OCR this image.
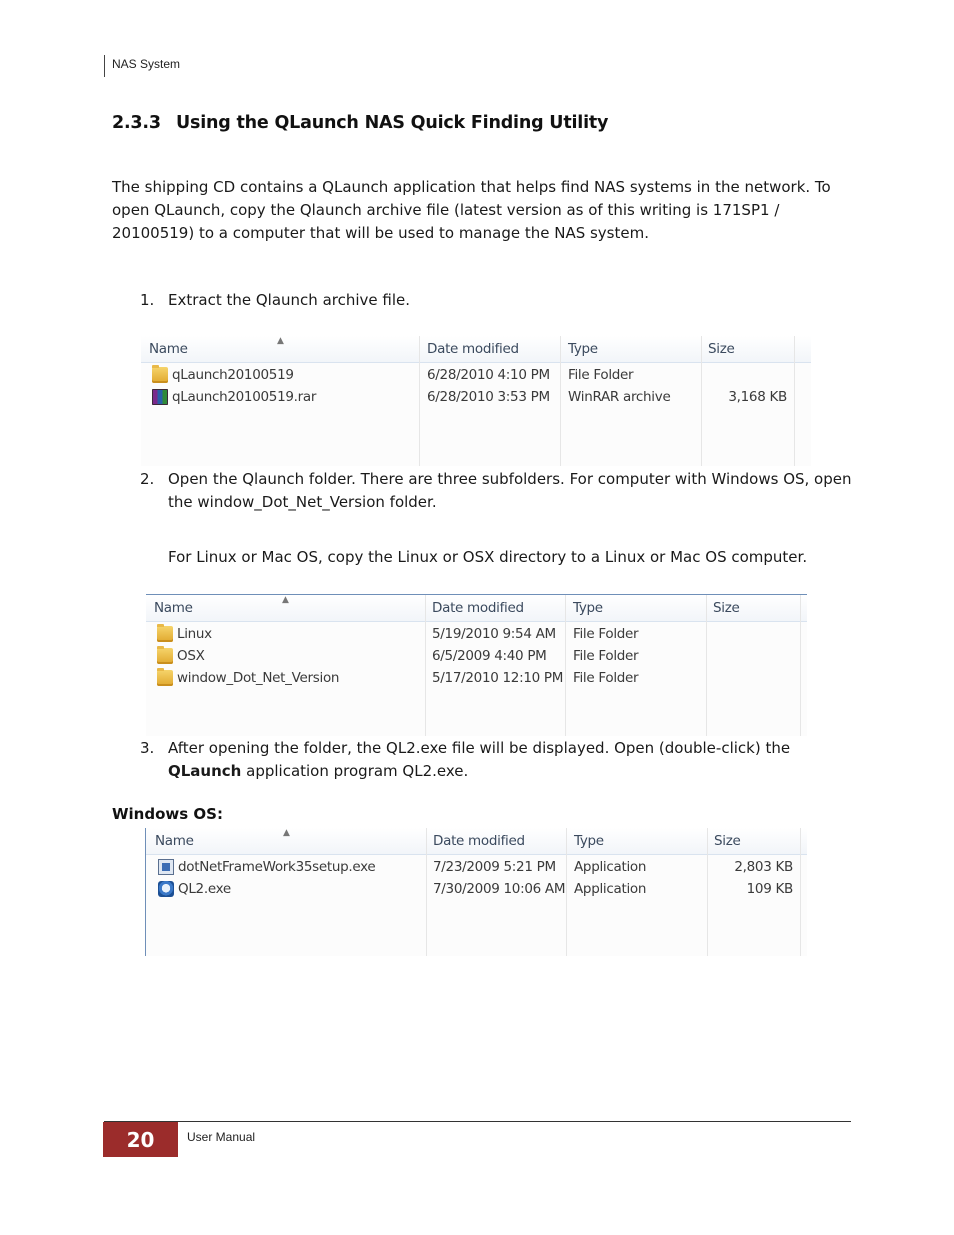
NAS System
2.3.3 Using the QLaunch NAS Quick Finding Utility
The shipping CD contains a QLaunch application that helps find NAS systems in the network. To open QLaunch, copy the Qlaunch archive file (latest version as of this writing is 171SP1 / 20100519) to a computer that will be used to manage the NAS system.
1. Extract the Qlaunch archive file.
▲
Name	Date modified	Type	Size
qLaunch20100519	6/28/2010 4:10 PM File Folder
qLaunch20100519.rar	6/28/2010 3:53 PM WinRAR archive	3,168 KB
2. Open the Qlaunch folder. There are three subfolders. For computer with Windows OS, open the window_Dot_Net_Version folder.
For Linux or Mac OS, copy the Linux or OSX directory to a Linux or Mac OS computer.
▲
Name	Date modified	Type	Size
Linux	5/19/2010 9:54 AM File Folder
OSX	6/5/2009 4:40 PM File Folder
window_Dot_Net_Version	5/17/2010 12:10 PM File Folder
3. After opening the folder, the QL2.exe file will be displayed. Open (double-click) the QLaunch application program QL2.exe.
Windows OS:
▲
Name	Date modified	Type	Size
dotNetFrameWork35setup.exe	7/23/2009 5:21 PM Application	2,803 KB
QL2.exe	7/30/2009 10:06 AM Application	109 KB
20	User Manual
